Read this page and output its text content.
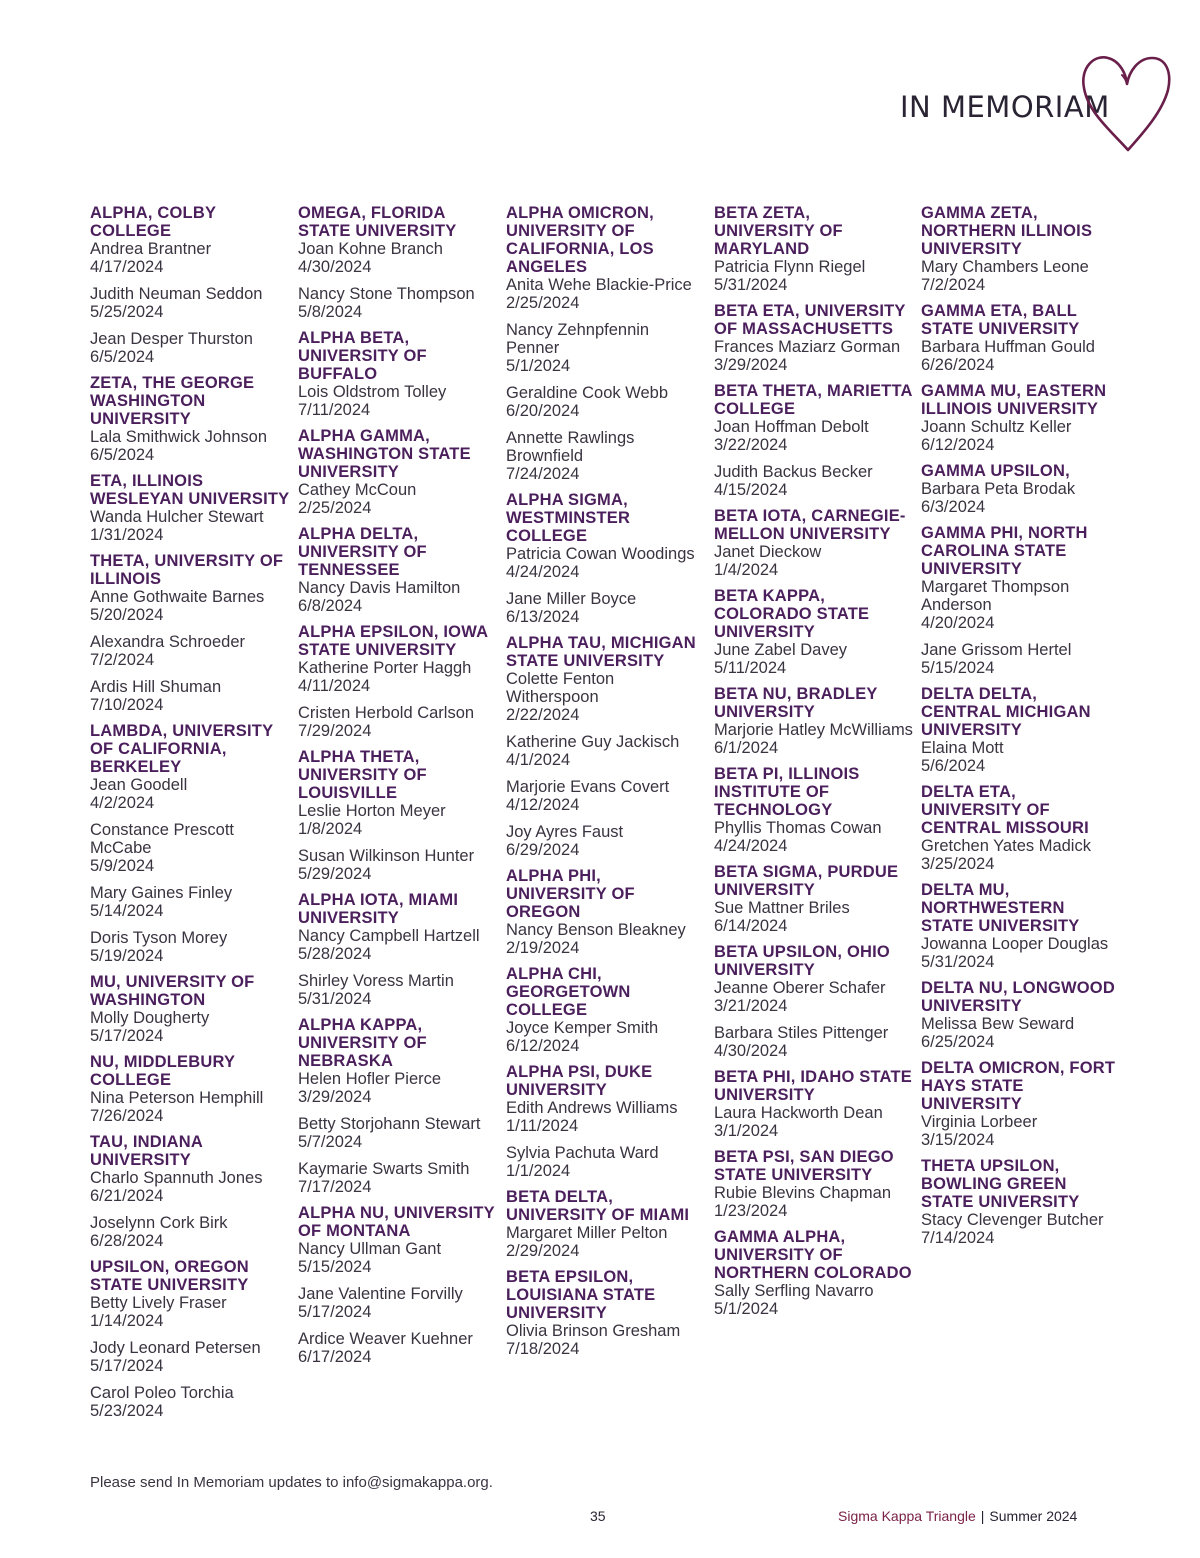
IN MEMORIAM
ALPHA, COLBY COLLEGE
Andrea Brantner
4/17/2024
Judith Neuman Seddon
5/25/2024
Jean Desper Thurston
6/5/2024
ZETA, THE GEORGE WASHINGTON UNIVERSITY
Lala Smithwick Johnson
6/5/2024
ETA, ILLINOIS WESLEYAN UNIVERSITY
Wanda Hulcher Stewart
1/31/2024
THETA, UNIVERSITY OF ILLINOIS
Anne Gothwaite Barnes
5/20/2024
Alexandra Schroeder
7/2/2024
Ardis Hill Shuman
7/10/2024
LAMBDA, UNIVERSITY OF CALIFORNIA, BERKELEY
Jean Goodell
4/2/2024
Constance Prescott McCabe
5/9/2024
Mary Gaines Finley
5/14/2024
Doris Tyson Morey
5/19/2024
MU, UNIVERSITY OF WASHINGTON
Molly Dougherty
5/17/2024
NU, MIDDLEBURY COLLEGE
Nina Peterson Hemphill
7/26/2024
TAU, INDIANA UNIVERSITY
Charlo Spannuth Jones
6/21/2024
Joselynn Cork Birk
6/28/2024
UPSILON, OREGON STATE UNIVERSITY
Betty Lively Fraser
1/14/2024
Jody Leonard Petersen
5/17/2024
Carol Poleo Torchia
5/23/2024
OMEGA, FLORIDA STATE UNIVERSITY
Joan Kohne Branch
4/30/2024
Nancy Stone Thompson
5/8/2024
ALPHA BETA, UNIVERSITY OF BUFFALO
Lois Oldstrom Tolley
7/11/2024
ALPHA GAMMA, WASHINGTON STATE UNIVERSITY
Cathey McCoun
2/25/2024
ALPHA DELTA, UNIVERSITY OF TENNESSEE
Nancy Davis Hamilton
6/8/2024
ALPHA EPSILON, IOWA STATE UNIVERSITY
Katherine Porter Haggh
4/11/2024
Cristen Herbold Carlson
7/29/2024
ALPHA THETA, UNIVERSITY OF LOUISVILLE
Leslie Horton Meyer
1/8/2024
Susan Wilkinson Hunter
5/29/2024
ALPHA IOTA, MIAMI UNIVERSITY
Nancy Campbell Hartzell
5/28/2024
Shirley Voress Martin
5/31/2024
ALPHA KAPPA, UNIVERSITY OF NEBRASKA
Helen Hofler Pierce
3/29/2024
Betty Storjohann Stewart
5/7/2024
Kaymarie Swarts Smith
7/17/2024
ALPHA NU, UNIVERSITY OF MONTANA
Nancy Ullman Gant
5/15/2024
Jane Valentine Forvilly
5/17/2024
Ardice Weaver Kuehner
6/17/2024
ALPHA OMICRON, UNIVERSITY OF CALIFORNIA, LOS ANGELES
Anita Wehe Blackie-Price
2/25/2024
Nancy Zehnpfennin Penner
5/1/2024
Geraldine Cook Webb
6/20/2024
Annette Rawlings Brownfield
7/24/2024
ALPHA SIGMA, WESTMINSTER COLLEGE
Patricia Cowan Woodings
4/24/2024
Jane Miller Boyce
6/13/2024
ALPHA TAU, MICHIGAN STATE UNIVERSITY
Colette Fenton Witherspoon
2/22/2024
Katherine Guy Jackisch
4/1/2024
Marjorie Evans Covert
4/12/2024
Joy Ayres Faust
6/29/2024
ALPHA PHI, UNIVERSITY OF OREGON
Nancy Benson Bleakney
2/19/2024
ALPHA CHI, GEORGETOWN COLLEGE
Joyce Kemper Smith
6/12/2024
ALPHA PSI, DUKE UNIVERSITY
Edith Andrews Williams
1/11/2024
Sylvia Pachuta Ward
1/1/2024
BETA DELTA, UNIVERSITY OF MIAMI
Margaret Miller Pelton
2/29/2024
BETA EPSILON, LOUISIANA STATE UNIVERSITY
Olivia Brinson Gresham
7/18/2024
BETA ZETA, UNIVERSITY OF MARYLAND
Patricia Flynn Riegel
5/31/2024
BETA ETA, UNIVERSITY OF MASSACHUSETTS
Frances Maziarz Gorman
3/29/2024
BETA THETA, MARIETTA COLLEGE
Joan Hoffman Debolt
3/22/2024
Judith Backus Becker
4/15/2024
BETA IOTA, CARNEGIE-MELLON UNIVERSITY
Janet Dieckow
1/4/2024
BETA KAPPA, COLORADO STATE UNIVERSITY
June Zabel Davey
5/11/2024
BETA NU, BRADLEY UNIVERSITY
Marjorie Hatley McWilliams
6/1/2024
BETA PI, ILLINOIS INSTITUTE OF TECHNOLOGY
Phyllis Thomas Cowan
4/24/2024
BETA SIGMA, PURDUE UNIVERSITY
Sue Mattner Briles
6/14/2024
BETA UPSILON, OHIO UNIVERSITY
Jeanne Oberer Schafer
3/21/2024
Barbara Stiles Pittenger
4/30/2024
BETA PHI, IDAHO STATE UNIVERSITY
Laura Hackworth Dean
3/1/2024
BETA PSI, SAN DIEGO STATE UNIVERSITY
Rubie Blevins Chapman
1/23/2024
GAMMA ALPHA, UNIVERSITY OF NORTHERN COLORADO
Sally Serfling Navarro
5/1/2024
GAMMA ZETA, NORTHERN ILLINOIS UNIVERSITY
Mary Chambers Leone
7/2/2024
GAMMA ETA, BALL STATE UNIVERSITY
Barbara Huffman Gould
6/26/2024
GAMMA MU, EASTERN ILLINOIS UNIVERSITY
Joann Schultz Keller
6/12/2024
GAMMA UPSILON,
Barbara Peta Brodak
6/3/2024
GAMMA PHI, NORTH CAROLINA STATE UNIVERSITY
Margaret Thompson Anderson
4/20/2024
Jane Grissom Hertel
5/15/2024
DELTA DELTA, CENTRAL MICHIGAN UNIVERSITY
Elaina Mott
5/6/2024
DELTA ETA, UNIVERSITY OF CENTRAL MISSOURI
Gretchen Yates Madick
3/25/2024
DELTA MU, NORTHWESTERN STATE UNIVERSITY
Jowanna Looper Douglas
5/31/2024
DELTA NU, LONGWOOD UNIVERSITY
Melissa Bew Seward
6/25/2024
DELTA OMICRON, FORT HAYS STATE UNIVERSITY
Virginia Lorbeer
3/15/2024
THETA UPSILON, BOWLING GREEN STATE UNIVERSITY
Stacy Clevenger Butcher
7/14/2024
Please send In Memoriam updates to info@sigmakappa.org.
35	Sigma Kappa Triangle | Summer 2024
